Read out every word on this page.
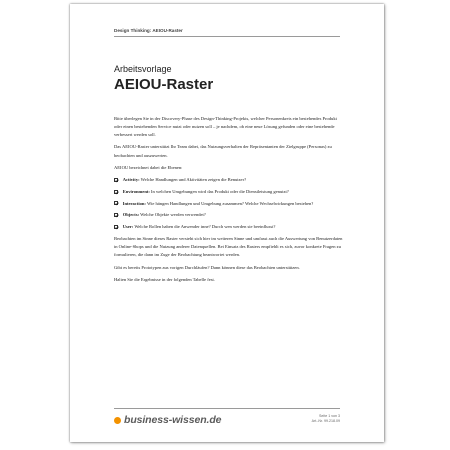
Design Thinking: AEIOU-Raster
Arbeitsvorlage
AEIOU-Raster

Bitte überlegen Sie in der Discovery-Phase des Design-Thinking-Projekts, welcher Personenkreis ein bestehendes Produkt oder einen bestehenden Service nutzt oder nutzen soll – je nachdem, ob eine neue Lösung gefunden oder eine bestehende verbessert werden soll.

Das AEIOU-Raster unterstützt Ihr Team dabei, das Nutzungsverhalten der Repräsentanten der Zielgruppe (Personas) zu beobachten und auszuwerten.

AEIOU bezeichnet dabei die Ebenen:

Activity: Welche Handlungen und Aktivitäten zeigen die Benutzer?
Environment: In welchen Umgebungen wird das Produkt oder die Dienstleistung genutzt?
Interaction: Wie hängen Handlungen und Umgebung zusammen? Welche Wechselwirkungen bestehen?
Objects: Welche Objekte werden verwendet?
User: Welche Rollen haben die Anwender inne? Durch wen werden sie beeinflusst?

Beobachten im Sinne dieses Raster versteht sich hier im weiteren Sinne und umfasst auch die Auswertung von Benutzerdaten in Online-Shops und die Nutzung anderer Datenquellen. Bei Einsatz des Rasters empfiehlt es sich, zuvor konkrete Fragen zu formulieren, die dann im Zuge der Beobachtung beantwortet werden.

Gibt es bereits Prototypen aus vorigen Durchläufen? Dann können diese das Beobachten unterstützen.

Halten Sie die Ergebnisse in der folgenden Tabelle fest.

business-wissen.de	Seite 1 von 3
Art.-Nr. 99.218.09
